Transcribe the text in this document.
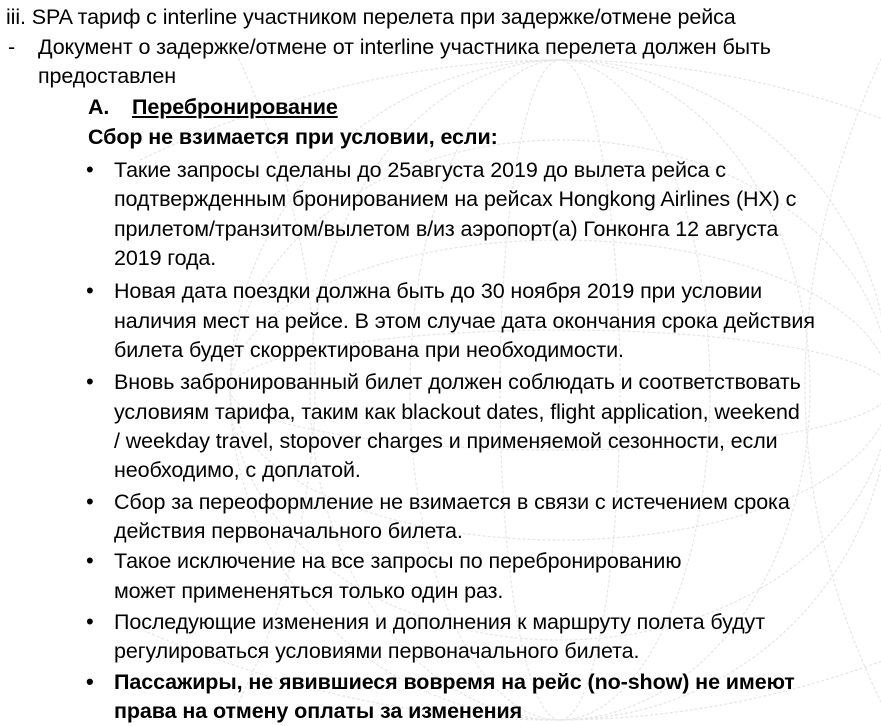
iii. SPA тариф с interline участником перелета при задержке/отмене рейса
- Документ о задержке/отмене от interline участника перелета должен быть
предоставлен
A. Перебронирование
Сбор не взимается при условии, если:
• Такие запросы сделаны до 25августа 2019 до вылета рейса с
подтвержденным бронированием на рейсах Hongkong Airlines (HX) с
прилетом/транзитом/вылетом в/из аэропорт(а) Гонконга 12 августа
2019 года.
• Новая дата поездки должна быть до 30 ноября 2019 при условии
наличия мест на рейсе. В этом случае дата окончания срока действия
билета будет скорректирована при необходимости.
• Вновь забронированный билет должен соблюдать и соответствовать
условиям тарифа, таким как blackout dates, flight application, weekend
/ weekday travel, stopover charges и применяемой сезонности, если
необходимо, с доплатой.
• Сбор за переоформление не взимается в связи с истечением срока
действия первоначального билета.
• Такое исключение на все запросы по перебронированию
может примененяться только один раз.
• Последующие изменения и дополнения к маршруту полета будут
регулироваться условиями первоначального билета.
• Пассажиры, не явившиеся вовремя на рейс (no-show) не имеют
права на отмену оплаты за изменения
